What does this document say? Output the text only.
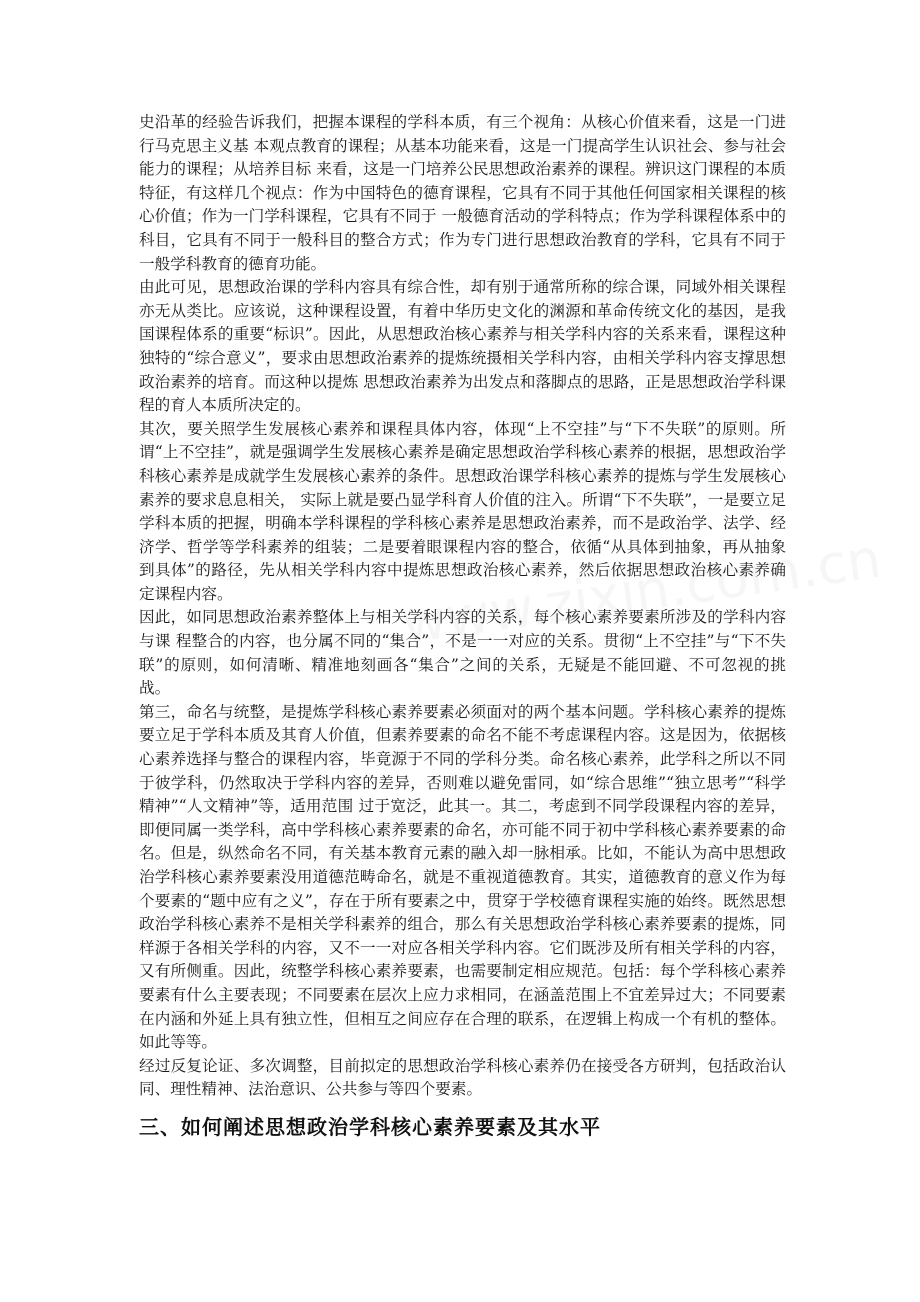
史沿革的经验告诉我们，把握本课程的学科本质，有三个视角：从核心价值来看，这是一门进行马克思主义基 本观点教育的课程；从基本功能来看，这是一门提高学生认识社会、参与社会能力的课程；从培养目标 来看，这是一门培养公民思想政治素养的课程。辨识这门课程的本质特征，有这样几个视点：作为中国特色的德育课程，它具有不同于其他任何国家相关课程的核心价值；作为一门学科课程，它具有不同于 一般德育活动的学科特点；作为学科课程体系中的科目，它具有不同于一般科目的整合方式；作为专门进行思想政治教育的学科，它具有不同于一般学科教育的德育功能。

由此可见，思想政治课的学科内容具有综合性，却有别于通常所称的综合课，同域外相关课程亦无从类比。应该说，这种课程设置，有着中华历史文化的渊源和革命传统文化的基因，是我国课程体系的重要“标识”。因此，从思想政治核心素养与相关学科内容的关系来看，课程这种独特的“综合意义”，要求由思想政治素养的提炼统摄相关学科内容，由相关学科内容支撑思想政治素养的培育。而这种以提炼 思想政治素养为出发点和落脚点的思路，正是思想政治学科课程的育人本质所决定的。

其次，要关照学生发展核心素养和课程具体内容，体现“上不空挂”与“下不失联”的原则。所谓“上不空挂”，就是强调学生发展核心素养是确定思想政治学科核心素养的根据，思想政治学科核心素养是成就学生发展核心素养的条件。思想政治课学科核心素养的提炼与学生发展核心素养的要求息息相关， 实际上就是要凸显学科育人价值的注入。所谓“下不失联”，一是要立足学科本质的把握，明确本学科课程的学科核心素养是思想政治素养，而不是政治学、法学、经济学、哲学等学科素养的组装；二是要着眼课程内容的整合，依循“从具体到抽象，再从抽象到具体”的路径，先从相关学科内容中提炼思想政治核心素养，然后依据思想政治核心素养确定课程内容。

因此，如同思想政治素养整体上与相关学科内容的关系，每个核心素养要素所涉及的学科内容与课 程整合的内容，也分属不同的“集合”，不是一一对应的关系。贯彻“上不空挂”与“下不失联”的原则，如何清晰、精准地刻画各“集合”之间的关系，无疑是不能回避、不可忽视的挑战。

第三，命名与统整，是提炼学科核心素养要素必须面对的两个基本问题。学科核心素养的提炼要立足于学科本质及其育人价值，但素养要素的命名不能不考虑课程内容。这是因为，依据核心素养选择与整合的课程内容，毕竟源于不同的学科分类。命名核心素养，此学科之所以不同于彼学科，仍然取决于学科内容的差异，否则难以避免雷同，如“综合思维”“独立思考”“科学精神”“人文精神”等，适用范围 过于宽泛，此其一。其二，考虑到不同学段课程内容的差异，即便同属一类学科，高中学科核心素养要素的命名，亦可能不同于初中学科核心素养要素的命名。但是，纵然命名不同，有关基本教育元素的融入却一脉相承。比如，不能认为高中思想政治学科核心素养要素没用道德范畴命名，就是不重视道德教育。其实，道德教育的意义作为每个要素的“题中应有之义”，存在于所有要素之中，贯穿于学校德育课程实施的始终。既然思想政治学科核心素养不是相关学科素养的组合，那么有关思想政治学科核心素养要素的提炼，同样源于各相关学科的内容，又不一一对应各相关学科内容。它们既涉及所有相关学科的内容，又有所侧重。因此，统整学科核心素养要素，也需要制定相应规范。包括：每个学科核心素养要素有什么主要表现；不同要素在层次上应力求相同，在涵盖范围上不宜差异过大；不同要素在内涵和外延上具有独立性，但相互之间应存在合理的联系，在逻辑上构成一个有机的整体。如此等等。

经过反复论证、多次调整，目前拟定的思想政治学科核心素养仍在接受各方研判，包括政治认同、理性精神、法治意识、公共参与等四个要素。

三、如何阐述思想政治学科核心素养要素及其水平
